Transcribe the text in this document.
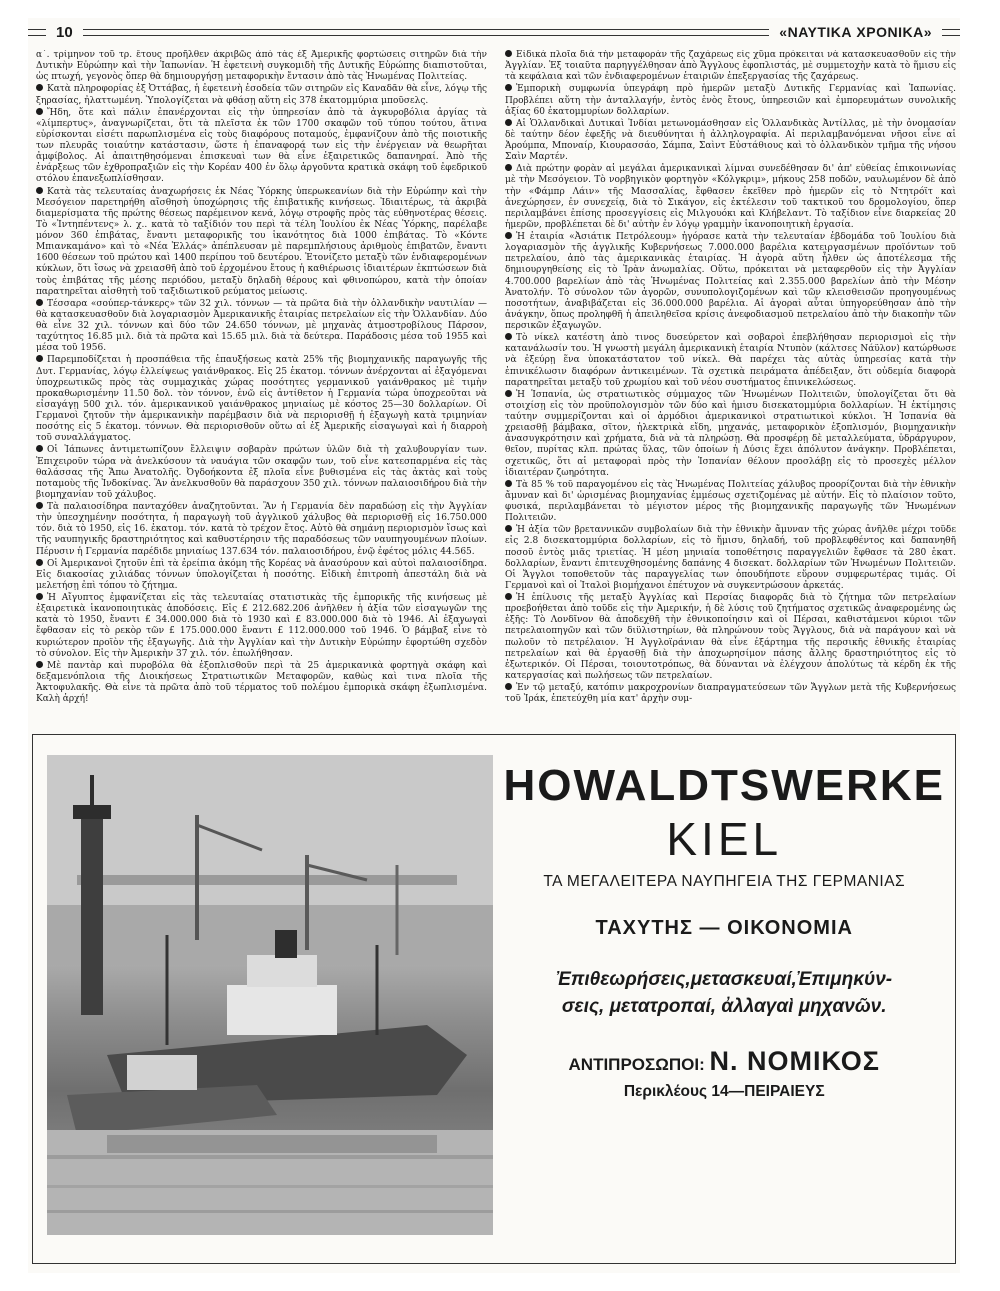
10	«ΝΑΥΤΙΚΑ ΧΡΟΝΙΚΑ»

α΄. τρίμηνον τοῦ τρ. ἔτους προῆλθεν ἀκριβῶς ἀπὸ τὰς ἐξ Ἀμερικῆς φορτώσεις σιτηρῶν διὰ τὴν Δυτικὴν Εὐρώπην καὶ τὴν Ἰαπωνίαν. Ἡ ἐφετεινὴ συγκομιδὴ τῆς Δυτικῆς Εὐρώπης διαπιστοῦται, ὡς πτωχή, γεγονὸς ὅπερ θὰ δημιουργήσῃ μεταφορικὴν ἔντασιν ἀπὸ τὰς Ἡνωμένας Πολιτείας.

Κατὰ πληροφορίας ἐξ Ὀττάβας, ἡ ἐφετεινὴ ἐσοδεία τῶν σιτηρῶν εἰς Καναδᾶν θὰ εἶνε, λόγῳ τῆς ξηρασίας, ἠλαττωμένη. Ὑπολογίζεται νὰ φθάσῃ αὕτη εἰς 378 ἑκατομμύρια μποῦσελς.

Ἤδη, ὅτε καὶ πάλιν ἐπανέρχονται εἰς τὴν ὑπηρεσίαν ἀπὸ τὰ ἀγκυροβόλια ἀργίας τὰ «λίμπερτυς», ἀναγνωρίζεται, ὅτι τὰ πλεῖστα ἐκ τῶν 1700 σκαφῶν τοῦ τύπου τούτου, ἅτινα εὑρίσκονται εἰσέτι παρωπλισμένα εἰς τοὺς διαφόρους ποταμούς, ἐμφανίζουν ἀπὸ τῆς ποιοτικῆς των πλευρᾶς τοιαύτην κατάστασιν, ὥστε ἡ ἐπαναφορά των εἰς τὴν ἐνέργειαν νὰ θεωρῆται ἀμφίβολος. Αἱ ἀπαιτηθησόμεναι ἐπισκευαὶ των θὰ εἶνε ἐξαιρετικῶς δαπανηραί. Ἀπὸ τῆς ἐνάρξεως τῶν ἐχθροπραξιῶν εἰς τὴν Κορέαν 400 ἐν ὅλῳ ἀργοῦντα κρατικὰ σκάφη τοῦ ἐφεδρικοῦ στόλου ἐπανεξωπλίσθησαν.

Κατὰ τὰς τελευταίας ἀναχωρήσεις ἐκ Νέας Ὑόρκης ὑπερωκεανίων διὰ τὴν Εὐρώπην καὶ τὴν Μεσόγειον παρετηρήθη αἴσθησὴ ὑποχώρησις τῆς ἐπιβατικῆς κινήσεως. Ἰδιαιτέρως, τὰ ἀκριβὰ διαμερίσματα τῆς πρώτης θέσεως παρέμεινον κενά, λόγῳ στροφῆς πρὸς τὰς εὐθηνοτέρας θέσεις. Τὸ «Ἰντηπέντενς» λ. χ.. κατὰ τὸ ταξίδιόν του περὶ τὰ τέλη Ἰουλίου ἐκ Νέας Ὑόρκης, παρέλαβε μόνον 360 ἐπιβάτας, ἔναντι μεταφορικῆς του ἱκανότητος διὰ 1000 ἐπιβάτας. Τὸ «Κόντε Μπιανκαμάνο» καὶ τὸ «Νέα Ἑλλάς» ἀπέπλευσαν μὲ παρεμπλήσιους ἀριθμοὺς ἐπιβατῶν, ἔναντι 1600 θέσεων τοῦ πρώτου καὶ 1400 περίπου τοῦ δευτέρου. Ἐτονίζετο μεταξὺ τῶν ἐνδιαφερομένων κύκλων, ὅτι ἴσως νὰ χρειασθῆ ἀπὸ τοῦ ἐρχομένου ἔτους ἡ καθιέρωσις ἰδιαιτέρων ἐκπτώσεων διὰ τοὺς ἐπιβάτας τῆς μέσης περιόδου, μεταξὺ δηλαδὴ θέρους καὶ φθινοπώρου, κατὰ τὴν ὁποίαν παρατηρεῖται αἰσθητὴ τοῦ ταξιδιωτικοῦ ρεύματος μείωσις.

Τέσσαρα «σούπερ-τάνκερς» τῶν 32 χιλ. τόννων — τὰ πρῶτα διὰ τὴν ὁλλανδικὴν ναυτιλίαν — θὰ κατασκευασθοῦν διὰ λογαριασμὸν Ἀμερικανικῆς ἑταιρίας πετρελαίων εἰς τὴν Ὁλλανδίαν. Δύο θὰ εἶνε 32 χιλ. τόννων καὶ δύο τῶν 24.650 τόννων, μὲ μηχανὰς ἀτμοστροβίλους Πάρσον, ταχύτητος 16.85 μιλ. διὰ τὰ πρῶτα καὶ 15.65 μιλ. διὰ τὰ δεύτερα. Παράδοσις μέσα τοῦ 1955 καὶ μέσα τοῦ 1956.

Παρεμποδίζεται ἡ προσπάθεια τῆς ἐπαυξήσεως κατὰ 25% τῆς βιομηχανικῆς παραγωγῆς τῆς Δυτ. Γερμανίας, λόγῳ ἐλλείψεως γαιάνθρακος. Εἰς 25 ἑκατομ. τόννων ἀνέρχονται αἱ ἐξαγόμεναι ὑποχρεωτικῶς πρὸς τὰς συμμαχικὰς χώρας ποσότητες γερμανικοῦ γαιάνθρακος μὲ τιμὴν προκαθωρισμένην 11.50 δολ. τὸν τόννον, ἐνῶ εἰς ἀντίθετον ἡ Γερμανία τώρα ὑποχρεοῦται νὰ εἰσαγάγῃ 500 χιλ. τόν. ἀμερικανικοῦ γαιάνθρακος μηνιαίως μὲ κόστος 25—30 δολλαρίων. Οἱ Γερμανοὶ ζητοῦν τὴν ἀμερικανικὴν παρέμβασιν διὰ νὰ περιορισθῇ ἡ ἐξαγωγὴ κατὰ τριμηνίαν ποσότης εἰς 5 ἑκατομ. τόννων. Θὰ περιορισθοῦν οὕτω αἱ ἐξ Ἀμερικῆς εἰσαγωγαὶ καὶ ἡ διαρροὴ τοῦ συναλλάγματος.

Οἱ Ἰάπωνες ἀντιμετωπίζουν ἔλλειψιν σοβαρὰν πρώτων ὑλῶν διὰ τὴ χαλυβουργίαν των. Ἐπιχειροῦν τώρα νὰ ἀνελκύσουν τὰ ναυάγια τῶν σκαφῶν των, τοῦ εἶνε κατεσπαρμένα εἰς τὰς θαλάσσας τῆς Ἄπω Ἀνατολῆς. Ὀγδοήκοντα ἐξ πλοῖα εἶνε βυθισμένα εἰς τὰς ἀκτὰς καὶ τοὺς ποταμοὺς τῆς Ἰνδοκίνας. Ἂν ἀνελκυσθοῦν θὰ παράσχουν 350 χιλ. τόννων παλαιοσιδήρου διὰ τὴν βιομηχανίαν τοῦ χάλυβος.

Τὰ παλαιοσίδηρα πανταχόθεν ἀναζητοῦνται. Ἂν ἡ Γερμανία δὲν παραδώσῃ εἰς τὴν Ἀγγλίαν τὴν ὑπεσχημένην ποσότητα, ἡ παραγωγὴ τοῦ ἀγγλικοῦ χάλυβος θὰ περιορισθῇ εἰς 16.750.000 τόν. διὰ τὸ 1950, εἰς 16. ἑκατομ. τόν. κατὰ τὸ τρέχον ἔτος. Αὐτὸ θὰ σημάνῃ περιορισμὸν ἴσως καὶ τῆς ναυπηγικῆς δραστηριότητος καὶ καθυστέρησιν τῆς παραδόσεως τῶν ναυπηγουμένων πλοίων. Πέρυσιν ἡ Γερμανία παρέδιδε μηνιαίως 137.634 τόν. παλαιοσιδήρου, ἐνῷ ἐφέτος μόλις 44.565.

Οἱ Ἀμερικανοὶ ζητοῦν ἐπὶ τὰ ἐρείπια ἀκόμη τῆς Κορέας νὰ ἀνασύρουν καὶ αὐτοὶ παλαιοσίδηρα. Εἰς διακοσίας χιλιάδας τόννων ὑπολογίζεται ἡ ποσότης. Εἰδικὴ ἐπιτροπὴ ἀπεστάλη διὰ νὰ μελετήσῃ ἐπὶ τόπου τὸ ζήτημα.

Ἡ Αἴγυπτος ἐμφανίζεται εἰς τὰς τελευταίας στατιστικὰς τῆς ἐμπορικῆς τῆς κινήσεως μὲ ἐξαιρετικὰ ἱκανοποιητικὰς ἀποδόσεις. Εἰς £ 212.682.206 ἀνῆλθεν ἡ ἀξία τῶν εἰσαγωγῶν της κατὰ τὸ 1950, ἔναντι £ 34.000.000 διὰ τὸ 1930 καὶ £ 83.000.000 διὰ τὸ 1946. Αἱ ἐξαγωγαὶ ἔφθασαν εἰς τὸ ρεκὸρ τῶν £ 175.000.000 ἔναντι £ 112.000.000 τοῦ 1946. Ὁ βάμβαξ εἶνε τὸ κυριώτερον προϊὸν τῆς ἐξαγωγῆς. Διὰ τὴν Ἀγγλίαν καὶ τὴν Δυτικὴν Εὐρώπην ἐφορτώθη σχεδὸν τὸ σύνολον. Εἰς τὴν Ἀμερικὴν 37 χιλ. τόν. ἐπωλήθησαν.

Μὲ παντὰρ καὶ πυροβόλα θὰ ἐξοπλισθοῦν περὶ τὰ 25 ἀμερικανικὰ φορτηγὰ σκάφη καὶ δεξαμενόπλοια τῆς Διοικήσεως Στρατιωτικῶν Μεταφορῶν, καθὼς καὶ τινα πλοῖα τῆς Ἀκτοφυλακῆς. Θὰ εἶνε τὰ πρῶτα ἀπὸ τοῦ τέρματος τοῦ πολέμου ἐμπορικὰ σκάφη ἐξωπλισμένα. Καλὴ ἀρχή!

Εἰδικὰ πλοῖα διὰ τὴν μεταφορὰν τῆς ζαχάρεως εἰς χῦμα πρόκειται νὰ κατασκευασθοῦν εἰς τὴν Ἀγγλίαν. Ἐξ τοιαῦτα παρηγγέλθησαν ἀπὸ Ἄγγλους ἐφοπλιστάς, μὲ συμμετοχὴν κατὰ τὸ ἥμισυ εἰς τὰ κεφάλαια καὶ τῶν ἐνδιαφερομένων ἑταιριῶν ἐπεξεργασίας τῆς ζαχάρεως.

Ἐμπορικὴ συμφωνία ὑπεγράφη πρὸ ἡμερῶν μεταξὺ Δυτικῆς Γερμανίας καὶ Ἰαπωνίας. Προβλέπει αὕτη τὴν ἀνταλλαγήν, ἐντὸς ἑνὸς ἔτους, ὑπηρεσιῶν καὶ ἐμπορευμάτων συνολικῆς ἀξίας 60 ἑκατομμυρίων δολλαρίων.

Αἱ Ὁλλανδικαὶ Δυτικαὶ Ἰνδίαι μετωνομάσθησαν εἰς Ὁλλανδικὰς Ἀντίλλας, μὲ τὴν ὀνομασίαν δὲ ταύτην δέον ἐφεξῆς νὰ διευθύνηται ἡ ἀλληλογραφία. Αἱ περιλαμβανόμεναι νῆσοι εἶνε αἱ Ἀρούμπα, Μποναίρ, Κιουρασσάο, Σάμπα, Σαὶντ Εὐστάθιους καὶ τὸ ὁλλανδικὸν τμῆμα τῆς νήσου Σαὶν Μαρτέν.

Διὰ πρώτην φορὰν αἱ μεγάλαι ἀμερικανικαὶ λίμναι συνεδέθησαν δι' ἀπ' εὐθείας ἐπικοινωνίας μὲ τὴν Μεσόγειον. Τὸ νορβηγικὸν φορτηγὸν «Κόλγκριμ», μήκους 258 ποδῶν, ναυλωμένον δὲ ἀπὸ τὴν «Φάμπρ Λάιν» τῆς Μασσαλίας, ἔφθασεν ἐκεῖθεν πρὸ ἡμερῶν εἰς τὸ Ντητρόϊτ καὶ ἀνεχώρησεν, ἐν συνεχείᾳ, διὰ τὸ Σικάγον, εἰς ἐκτέλεσιν τοῦ τακτικοῦ του δρομολογίου, ὅπερ περιλαμβάνει ἐπίσης προσεγγίσεις εἰς Μιλγουόκι καὶ Κλήβελαντ. Τὸ ταξίδιον εἶνε διαρκείας 20 ἡμερῶν, προβλέπεται δὲ δι' αὐτὴν ἐν λόγῳ γραμμὴν ἱκανοποιητικὴ ἐργασία.

Ἡ ἑταιρία «Ἀσιάτικ Πετρόλεουμ» ἠγόρασε κατὰ τὴν τελευταίαν ἑβδομάδα τοῦ Ἰουλίου διὰ λογαριασμὸν τῆς ἀγγλικῆς Κυβερνήσεως 7.000.000 βαρέλια κατειργασμένων προϊόντων τοῦ πετρελαίου, ἀπὸ τὰς ἀμερικανικὰς ἑταιρίας. Ἡ ἀγορὰ αὕτη ἦλθεν ὡς ἀποτέλεσμα τῆς δημιουργηθείσης εἰς τὸ Ἰρὰν ἀνωμαλίας. Οὕτω, πρόκειται νὰ μεταφερθοῦν εἰς τὴν Ἀγγλίαν 4.700.000 βαρελίων ἀπὸ τὰς Ἡνωμένας Πολιτείας καὶ 2.355.000 βαρελίων ἀπὸ τὴν Μέσην Ἀνατολήν. Τὸ σύνολον τῶν ἀγορῶν, συνυπολογιζομένων καὶ τῶν κλεισθεισῶν προηγουμένως ποσοτήτων, ἀναβιβάζεται εἰς 36.000.000 βαρέλια. Αἱ ἀγοραὶ αὗται ὑπηγορεύθησαν ἀπὸ τὴν ἀνάγκην, ὅπως προληφθῆ ἡ ἀπειληθεῖσα κρίσις ἀνεφοδιασμοῦ πετρελαίου ἀπὸ τὴν διακοπὴν τῶν περσικῶν ἐξαγωγῶν.

Τὸ νίκελ κατέστη ἀπὸ τινος δυσεύρετον καὶ σοβαροὶ ἐπεβλήθησαν περιορισμοὶ εἰς τὴν κατανάλωσίν του. Ἡ γνωστὴ μεγάλη ἀμερικανικὴ ἑταιρία Ντυπὸν (κάλτσες Νάϋλον) κατώρθωσε νὰ ἐξεύρῃ ἕνα ὑποκατάστατον τοῦ νίκελ. Θὰ παρέχει τὰς αὐτὰς ὑπηρεσίας κατὰ τὴν ἐπινικέλωσιν διαφόρων ἀντικειμένων. Τὰ σχετικὰ πειράματα ἀπέδειξαν, ὅτι οὐδεμία διαφορὰ παρατηρεῖται μεταξὺ τοῦ χρωμίου καὶ τοῦ νέου συστήματος ἐπινικελώσεως.

Ἡ Ἱσπανία, ὡς στρατιωτικὸς σύμμαχος τῶν Ἡνωμένων Πολιτειῶν, ὑπολογίζεται ὅτι θὰ στοιχίσῃ εἰς τὸν προϋπολογισμὸν τῶν δύο καὶ ἡμισυ δισεκατομμύρια δολλαρίων. Ἡ ἐκτίμησις ταύτην συμμερίζονται καὶ οἱ ἁρμόδιοι ἀμερικανικοὶ στρατιωτικοὶ κύκλοι. Ἡ Ἱσπανία θὰ χρειασθῇ βάμβακα, σῖτον, ἠλεκτρικὰ εἴδη, μηχανάς, μεταφορικὸν ἐξοπλισμόν, βιομηχανικὴν ἀνασυγκρότησιν καὶ χρήματα, διὰ νὰ τὰ πληρώσῃ. Θὰ προσφέρῃ δὲ μεταλλεύματα, ὑδράργυρον, θεῖον, πυρίτας κλπ. πρώτας ὕλας, τῶν ὁποίων ἡ Δύσις ἔχει ἀπόλυτον ἀνάγκην. Προβλέπεται, σχετικῶς, ὅτι αἱ μεταφοραὶ πρὸς τὴν Ἱσπανίαν θέλουν προσλάβῃ εἰς τὸ προσεχὲς μέλλον ἰδιαιτέραν ζωηρότητα.

Τὰ 85 % τοῦ παραγομένου εἰς τὰς Ἡνωμένας Πολιτείας χάλυβος προορίζονται διὰ τὴν ἐθνικὴν ἄμυναν καὶ δι' ὡρισμένας βιομηχανίας ἐμμέσως σχετιζομένας μὲ αὐτήν. Εἰς τὸ πλαίσιον τοῦτο, φυσικά, περιλαμβάνεται τὸ μέγιστον μέρος τῆς βιομηχανικῆς παραγωγῆς τῶν Ἡνωμένων Πολιτειῶν.

Ἡ ἀξία τῶν βρεταννικῶν συμβολαίων διὰ τὴν ἐθνικὴν ἄμυναν τῆς χώρας ἀνῆλθε μέχρι τοῦδε εἰς 2.8 δισεκατομμύρια δολλαρίων, εἰς τὸ ἥμισυ, δηλαδή, τοῦ προβλεφθέντος καὶ δαπανηθῆ ποσοῦ ἐντὸς μιᾶς τριετίας. Ἡ μέση μηνιαία τοποθέτησις παραγγελιῶν ἔφθασε τὰ 280 ἑκατ. δολλαρίων, ἔναντι ἐπιτευχθησομένης δαπάνης 4 δισεκατ. δολλαρίων τῶν Ἡνωμένων Πολιτειῶν. Οἱ Ἄγγλοι τοποθετοῦν τὰς παραγγελίας των ὁπουδήποτε εὕρουν συμφερωτέρας τιμάς. Οἱ Γερμανοὶ καὶ οἱ Ἰταλοὶ βιομήχανοι ἐπέτυχον νὰ συγκεντρώσουν ἀρκετάς.

Ἡ ἐπίλυσις τῆς μεταξὺ Ἀγγλίας καὶ Περσίας διαφορᾶς διὰ τὸ ζήτημα τῶν πετρελαίων προεβοήθεται ἀπὸ τοῦδε εἰς τὴν Ἀμερικήν, ἡ δὲ λύσις τοῦ ζητήματος σχετικῶς ἀναφερομένης ὡς ἑξῆς: Τὸ Λονδῖνον θὰ ἀποδεχθῆ τὴν ἐθνικοποίησιν καὶ οἱ Πέρσαι, καθιστάμενοι κύριοι τῶν πετρελαιοπηγῶν καὶ τῶν διϋλιστηρίων, θὰ πληρώνουν τοὺς Ἄγγλους, διὰ νὰ παράγουν καὶ νὰ πωλοῦν τὸ πετρέλαιον. Ἡ Ἀγγλοϊράνιαν θὰ εἶνε ἐξάρτημα τῆς περσικῆς ἐθνικῆς ἑταιρίας πετρελαίων καὶ θὰ ἐργασθῇ διὰ τὴν ἀποχωρησίμον πάσης ἄλλης δραστηριότητος εἰς τὸ ἐξωτερικόν. Οἱ Πέρσαι, τοιουτοτρόπως, θὰ δύνανται νὰ ἐλέγχουν ἀπολύτως τὰ κέρδη ἐκ τῆς κατεργασίας καὶ πωλήσεως τῶν πετρελαίων.

Ἐν τῷ μεταξύ, κατόπιν μακροχρονίων διαπραγματεύσεων τῶν Ἄγγλων μετὰ τῆς Κυβερνήσεως τοῦ Ἰράκ, ἐπετεύχθη μία κατ' ἀρχὴν συμ-

HOWALDTSWERKE
KIEL
ΤΑ ΜΕΓΑΛΕΙΤΕΡΑ ΝΑΥΠΗΓΕΙΑ ΤΗΣ ΓΕΡΜΑΝΙΑΣ
ΤΑΧΥΤΗΣ — ΟΙΚΟΝΟΜΙΑ
Ἐπιθεωρήσεις,μετασκευαί,Ἐπιμηκύν-
σεις, μετατροπαί, ἀλλαγαὶ μηχανῶν.
ΑΝΤΙΠΡΟΣΩΠΟΙ: Ν. ΝΟΜΙΚΟΣ
Περικλέους 14—ΠΕΙΡΑΙΕΥΣ
